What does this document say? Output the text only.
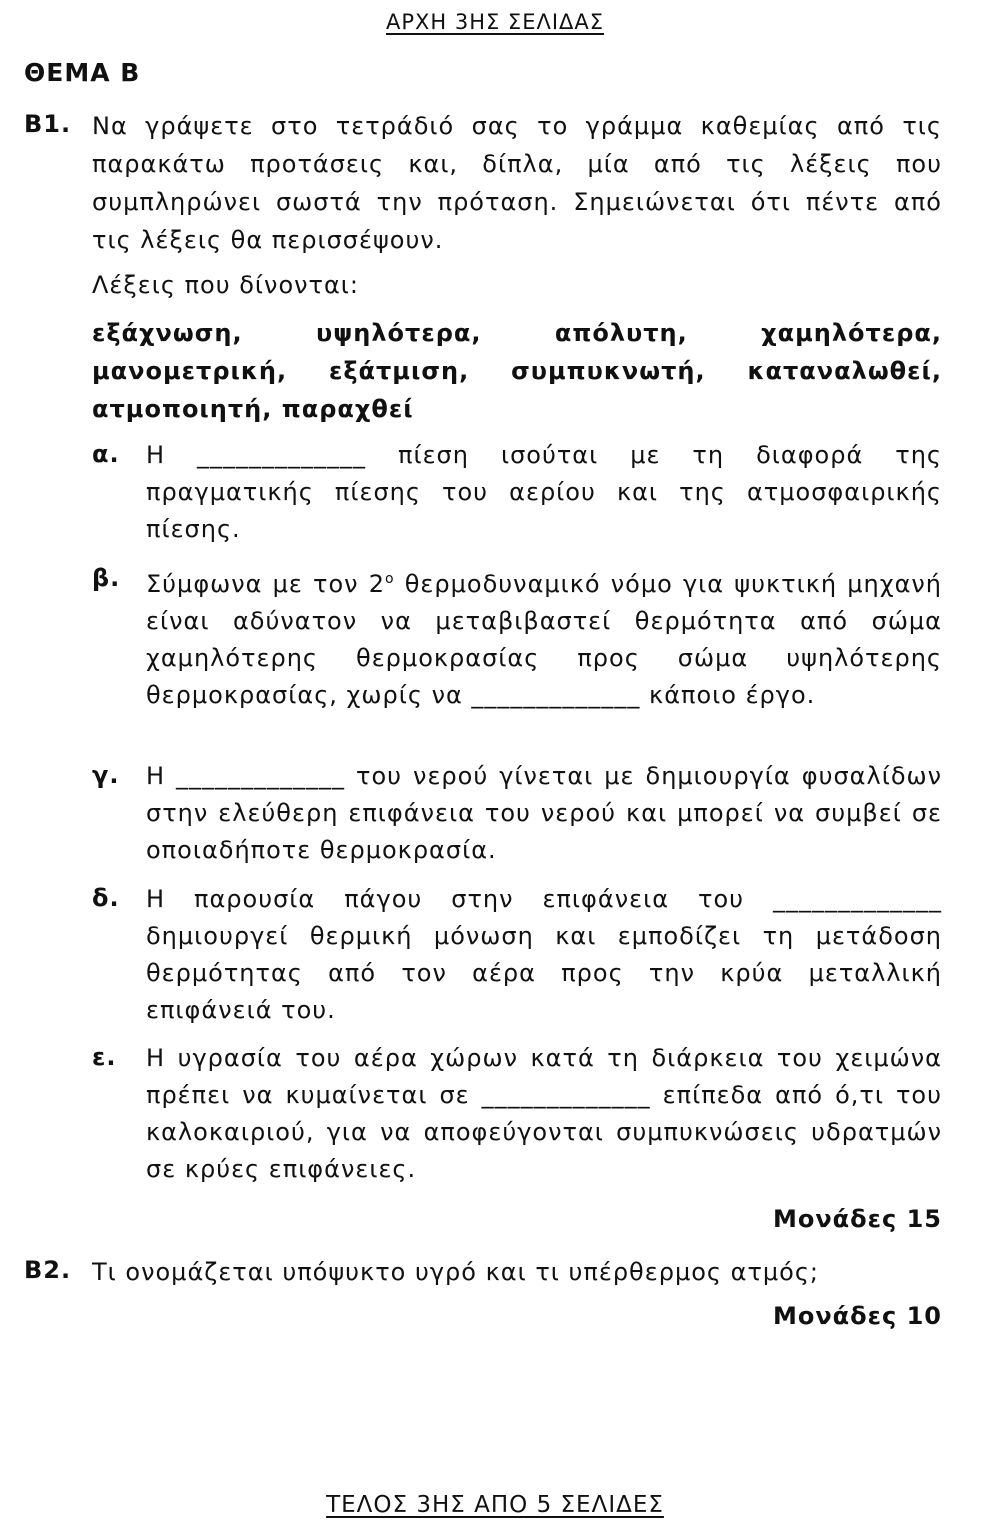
ΑΡΧΗ 3ΗΣ ΣΕΛΙΔΑΣ
ΘΕΜΑ Β
Β1. Να γράψετε στο τετράδιό σας το γράμμα καθεμίας από τις παρακάτω προτάσεις και, δίπλα, μία από τις λέξεις που συμπληρώνει σωστά την πρόταση. Σημειώνεται ότι πέντε από τις λέξεις θα περισσέψουν.
Λέξεις που δίνονται:
εξάχνωση, υψηλότερα, απόλυτη, χαμηλότερα, μανομετρική, εξάτμιση, συμπυκνωτή, καταναλωθεί, ατμοποιητή, παραχθεί
α. Η _____________ πίεση ισούται με τη διαφορά της πραγματικής πίεσης του αερίου και της ατμοσφαιρικής πίεσης.
β. Σύμφωνα με τον $2^o$ θερμοδυναμικό νόμο για ψυκτική μηχανή είναι αδύνατον να μεταβιβαστεί θερμότητα από σώμα χαμηλότερης θερμοκρασίας προς σώμα υψηλότερης θερμοκρασίας, χωρίς να _____________ κάποιο έργο.
γ. Η _____________ του νερού γίνεται με δημιουργία φυσαλίδων στην ελεύθερη επιφάνεια του νερού και μπορεί να συμβεί σε οποιαδήποτε θερμοκρασία.
δ. Η παρουσία πάγου στην επιφάνεια του _____________ δημιουργεί θερμική μόνωση και εμποδίζει τη μετάδοση θερμότητας από τον αέρα προς την κρύα μεταλλική επιφάνειά του.
ε. Η υγρασία του αέρα χώρων κατά τη διάρκεια του χειμώνα πρέπει να κυμαίνεται σε _____________ επίπεδα από ό,τι του καλοκαιριού, για να αποφεύγονται συμπυκνώσεις υδρατμών σε κρύες επιφάνειες.
Μονάδες 15
Β2. Τι ονομάζεται υπόψυκτο υγρό και τι υπέρθερμος ατμός;
Μονάδες 10
ΤΕΛΟΣ 3ΗΣ ΑΠΟ 5 ΣΕΛΙΔΕΣ
